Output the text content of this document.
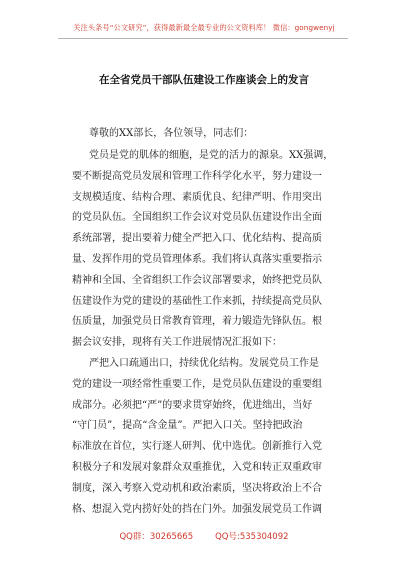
关注头条号“公文研究”，获得最新最全最专业的公文资料库！ 微信：gongwenyj
在全省党员干部队伍建设工作座谈会上的发言
尊敬的XX部长，各位领导，同志们：
党员是党的肌体的细胞，是党的活力的源泉。XX强调，
要不断提高党员发展和管理工作科学化水平，努力建设一
支规模适度、结构合理、素质优良、纪律严明、作用突出
的党员队伍。全国组织工作会议对党员队伍建设作出全面
系统部署，提出要着力健全严把入口、优化结构、提高质
量、发挥作用的党员管理体系。我们将认真落实重要指示
精神和全国、全省组织工作会议部署要求，始终把党员队
伍建设作为党的建设的基础性工作来抓，持续提高党员队
伍质量，加强党员日常教育管理，着力锻造先锋队伍。根
据会议安排，现将有关工作进展情况汇报如下：
严把入口疏通出口，持续优化结构。发展党员工作是
党的建设一项经常性重要工作，是党员队伍建设的重要组
成部分。必须把“严”的要求贯穿始终，优进绌出，当好
“守门员”，提高“含金量”。严把入口关。坚持把政治
标准放在首位，实行逐人研判、优中选优。创新推行入党
积极分子和发展对象群众双重推优，入党和转正双重政审
制度，深入考察入党动机和政治素质，坚决将政治上不合
格、想混入党内捞好处的挡在门外。加强发展党员工作调
QQ群：30265665	QQ号:535304092
